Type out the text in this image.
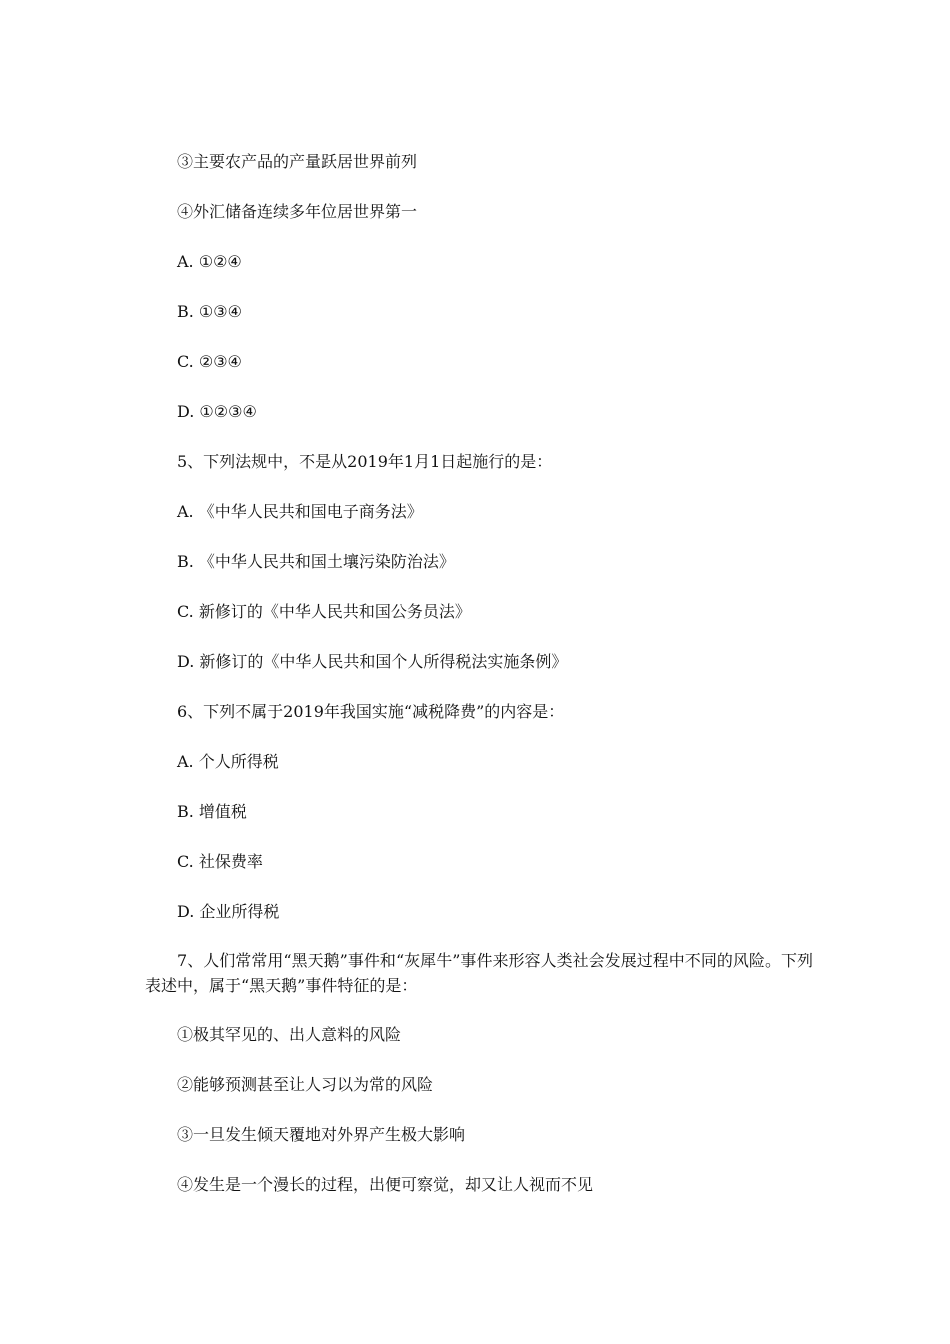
③主要农产品的产量跃居世界前列
④外汇储备连续多年位居世界第一
A. ①②④
B. ①③④
C. ②③④
D. ①②③④
5、下列法规中，不是从2019年1月1日起施行的是：
A. 《中华人民共和国电子商务法》
B. 《中华人民共和国土壤污染防治法》
C. 新修订的《中华人民共和国公务员法》
D. 新修订的《中华人民共和国个人所得税法实施条例》
6、下列不属于2019年我国实施“减税降费”的内容是：
A. 个人所得税
B. 增值税
C. 社保费率
D. 企业所得税
7、人们常常用“黑天鹅”事件和“灰犀牛”事件来形容人类社会发展过程中不同的风险。下列表述中，属于“黑天鹅”事件特征的是：
①极其罕见的、出人意料的风险
②能够预测甚至让人习以为常的风险
③一旦发生倾天覆地对外界产生极大影响
④发生是一个漫长的过程，出便可察觉，却又让人视而不见
